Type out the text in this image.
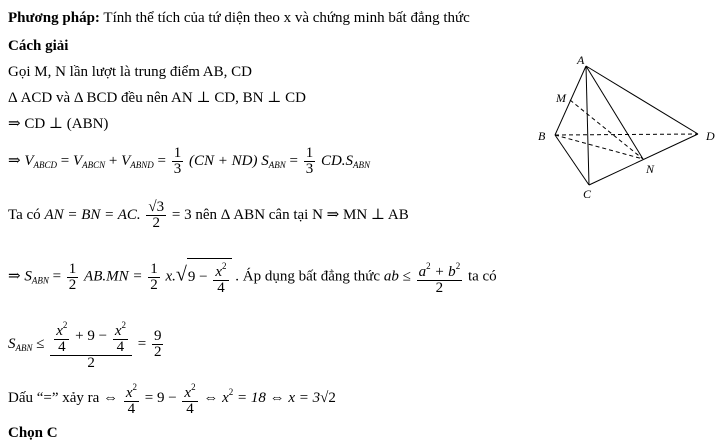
Phương pháp: Tính thể tích của tứ diện theo x và chứng minh bất đẳng thức
Cách giải
Gọi M, N lần lượt là trung điểm AB, CD
Δ ACD và Δ BCD đều nên AN ⊥ CD, BN ⊥ CD
⇒ CD ⊥ (ABN)
⇒ $V_{ABCD} = V_{ABCN} + V_{ABND} = \frac{1}{3} (CN + ND) S_{ABN} = \frac{1}{3} CD.S_{ABN}$
Ta có AN = BN = AC. $\frac{√3}{2} = 3$ nên Δ ABN cân tại N ⇒ MN ⊥ AB
⇒ $S_{ABN} = \frac{1}{2} AB.MN = \frac{1}{2} x.√9 - \frac{x^2}{4}$ . Áp dụng bất đẳng thức ab ≤ $\frac{a^2 + b^2}{2}$ ta có
$S_{ABN} \le \frac{\frac{x^2}{4} + 9 - \frac{x^2}{4}}{2} = \frac{9}{2}$
Dấu “=” xảy ra ⇔ $\frac{x^2}{4} = 9 - \frac{x^2}{4}$ ⇔ $x^2 = 18$ ⇔ x = 3√2
Chọn C
A
M
B
C
D
N
